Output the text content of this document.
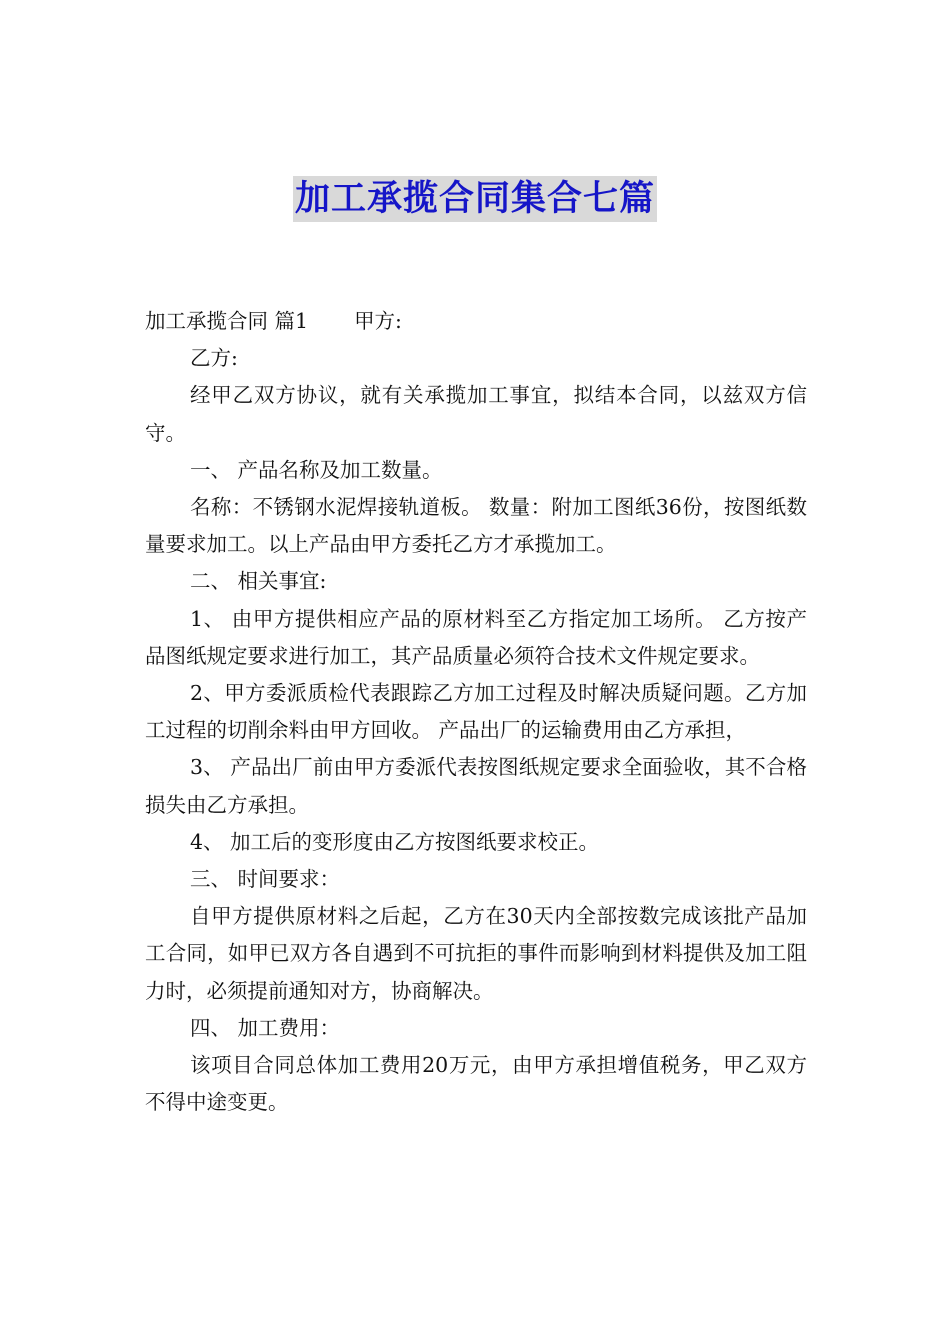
加工承揽合同集合七篇

加工承揽合同 篇1 甲方:

乙方:

经甲乙双方协议，就有关承揽加工事宜，拟结本合同，以兹双方信守。

一、 产品名称及加工数量。

名称：不锈钢水泥焊接轨道板。 数量：附加工图纸36份，按图纸数量要求加工。以上产品由甲方委托乙方才承揽加工。

二、 相关事宜:

1、 由甲方提供相应产品的原材料至乙方指定加工场所。 乙方按产品图纸规定要求进行加工，其产品质量必须符合技术文件规定要求。

2、甲方委派质检代表跟踪乙方加工过程及时解决质疑问题。乙方加工过程的切削余料由甲方回收。 产品出厂的运输费用由乙方承担，

3、 产品出厂前由甲方委派代表按图纸规定要求全面验收，其不合格损失由乙方承担。

4、 加工后的变形度由乙方按图纸要求校正。

三、 时间要求：

自甲方提供原材料之后起，乙方在30天内全部按数完成该批产品加工合同，如甲已双方各自遇到不可抗拒的事件而影响到材料提供及加工阻力时，必须提前通知对方，协商解决。

四、 加工费用：

该项目合同总体加工费用20万元，由甲方承担增值税务，甲乙双方不得中途变更。
